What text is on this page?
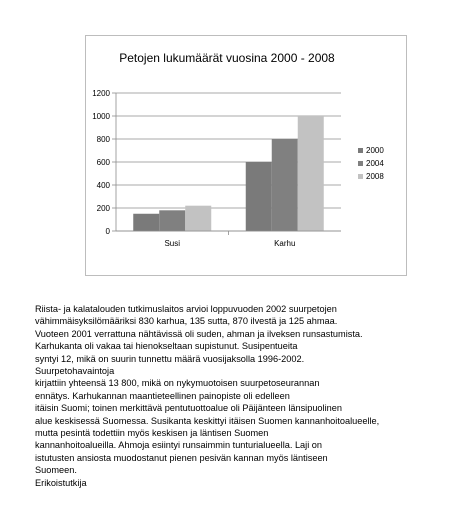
Petojen lukumäärät vuosina 2000 - 2008
0
200
400
600
800
1000
1200
Susi	Karhu
2000
2004
2008
Riista- ja kalatalouden tutkimuslaitos arvioi loppuvuoden 2002 suurpetojen
vähimmäisyksilömääriksi 830 karhua, 135 sutta, 870 ilvestä ja 125 ahmaa.
Vuoteen 2001 verrattuna nähtävissä oli suden, ahman ja ilveksen runsastumista.
Karhukanta oli vakaa tai hienokseltaan supistunut. Susipentueita
syntyi 12, mikä on suurin tunnettu määrä vuosijaksolla 1996-2002.
Suurpetohavaintoja
kirjattiin yhteensä 13 800, mikä on nykymuotoisen suurpetoseurannan
ennätys. Karhukannan maantieteellinen painopiste oli edelleen
itäisin Suomi; toinen merkittävä pentutuottoalue oli Päijänteen länsipuolinen
alue keskisessä Suomessa. Susikanta keskittyi itäisen Suomen kannanhoitoalueelle,
mutta pesintä todettiin myös keskisen ja läntisen Suomen
kannanhoitoalueilla. Ahmoja esiintyi runsaimmin tunturialueella. Laji on
istutusten ansiosta muodostanut pienen pesivän kannan myös läntiseen
Suomeen.
Erikoistutkija
